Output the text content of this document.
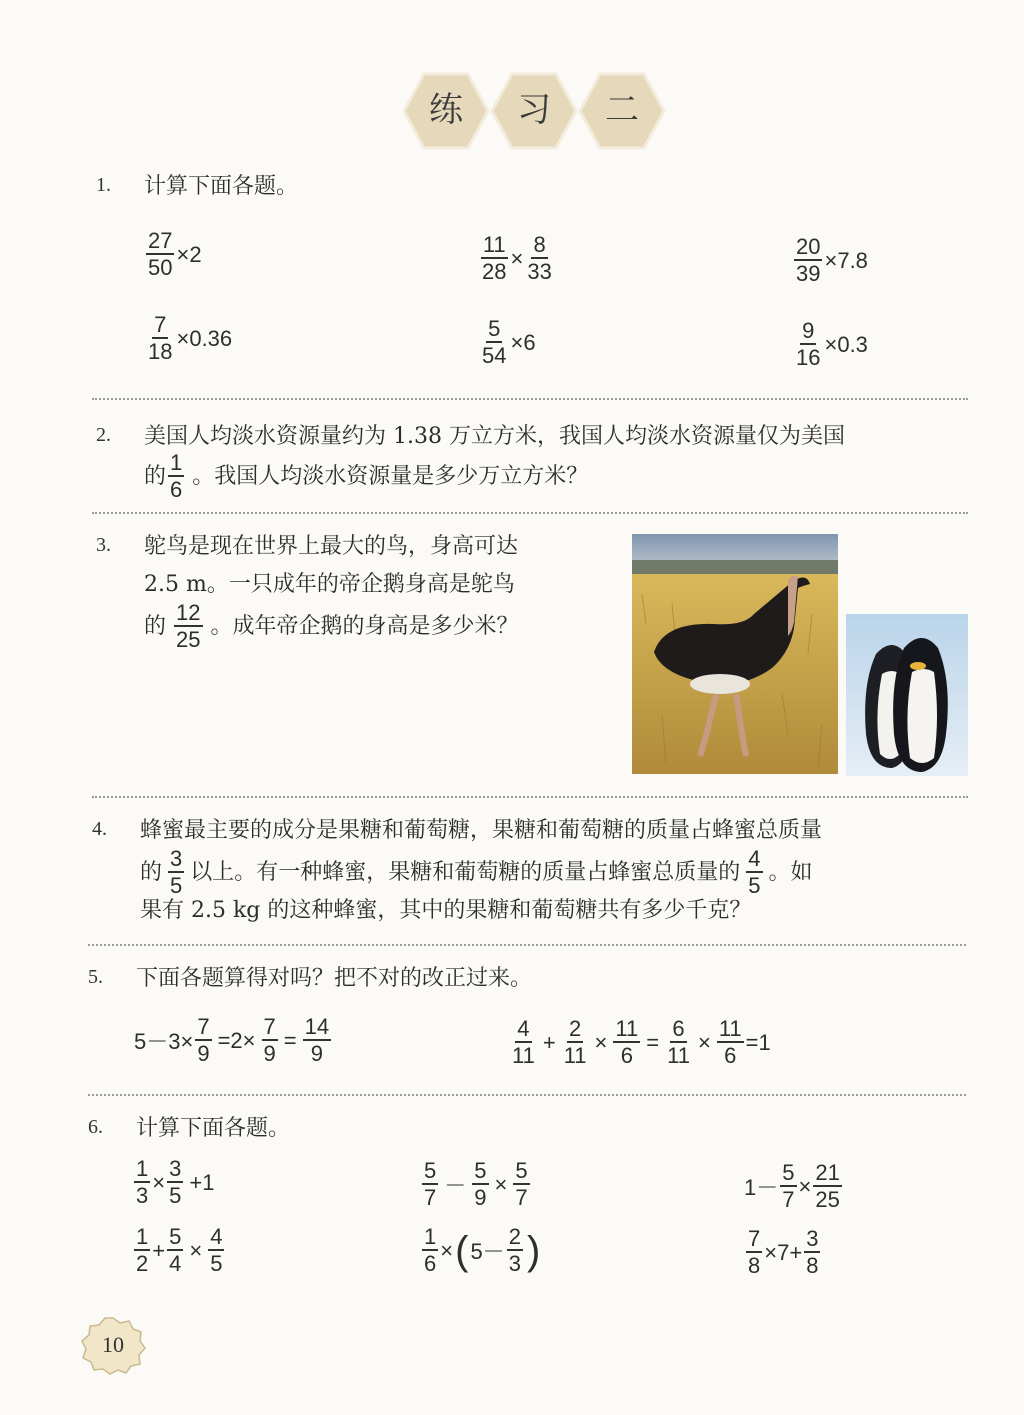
练	习	二
1. 计算下面各题。
$\frac{27}{50} \times 2$	$\frac{11}{28} \times \frac{8}{33}$	$\frac{20}{39} \times 7.8$
$\frac{7}{18} \times 0.36$	$\frac{5}{54} \times 6$	$\frac{9}{16} \times 0.3$
2. 美国人均淡水资源量约为 1.38 万立方米，我国人均淡水资源量仅为美国
的 $\frac{1}{6}$ 。我国人均淡水资源量是多少万立方米？
3. 鸵鸟是现在世界上最大的鸟，身高可达
2.5 m。一只成年的帝企鹅身高是鸵鸟
的 $\frac{12}{25}$ 。成年帝企鹅的身高是多少米？
4. 蜂蜜最主要的成分是果糖和葡萄糖，果糖和葡萄糖的质量占蜂蜜总质量
的 $\frac{3}{5}$ 以上。有一种蜂蜜，果糖和葡萄糖的质量占蜂蜜总质量的 $\frac{4}{5}$ 。如
果有 2.5 kg 的这种蜂蜜，其中的果糖和葡萄糖共有多少千克？
5. 下面各题算得对吗？把不对的改正过来。
$5-3\times \frac{7}{9} =2\times \frac{7}{9} = \frac{14}{9}$	$\frac{4}{11} + \frac{2}{11} \times \frac{11}{6} = \frac{6}{11} \times \frac{11}{6} =1$
6. 计算下面各题。
$\frac{1}{3} \times \frac{3}{5} +1$	$\frac{5}{7} - \frac{5}{9} \times \frac{5}{7}$	$1- \frac{5}{7} \times \frac{21}{25}$
$\frac{1}{2} + \frac{5}{4} \times \frac{4}{5}$	$\frac{1}{6}$ × ( $5- \frac{2}{3}$ )	$\frac{7}{8} \times 7+ \frac{3}{8}$
10
